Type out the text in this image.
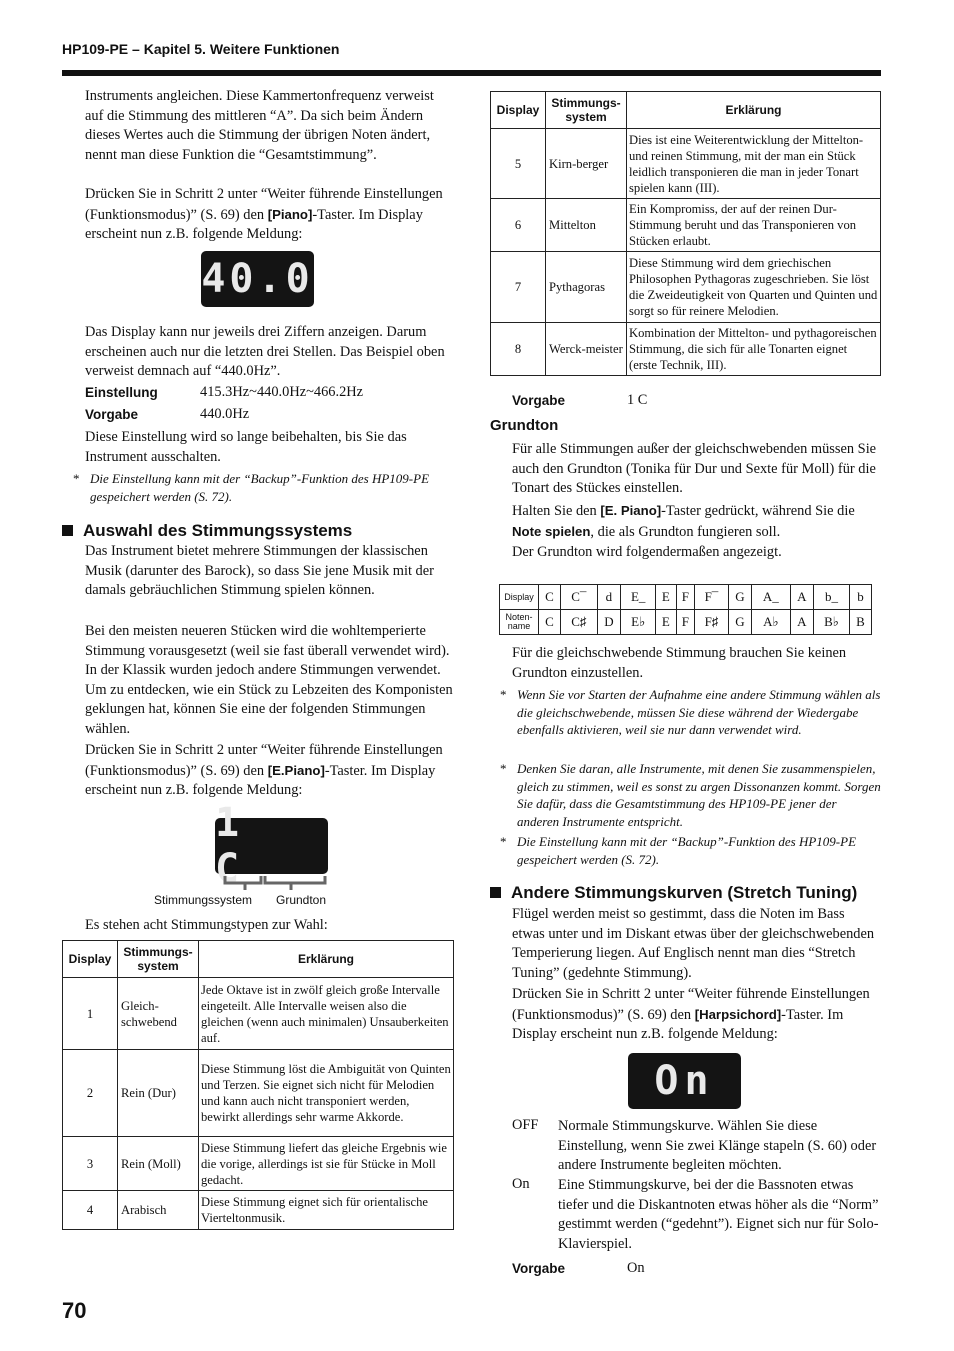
HP109-PE – Kapitel 5. Weitere Funktionen

Instruments angleichen. Diese Kammertonfrequenz verweist auf die Stimmung des mittleren “A”. Da sich beim Ändern dieses Wertes auch die Stimmung der übrigen Noten ändert, nennt man diese Funktion die “Gesamtstimmung”.

Drücken Sie in Schritt 2 unter “Weiter führende Einstellungen (Funktionsmodus)” (S. 69) den [Piano]-Taster. Im Display erscheint nun z.B. folgende Meldung:

40.0

Das Display kann nur jeweils drei Ziffern anzeigen. Darum erscheinen auch nur die letzten drei Stellen. Das Beispiel oben verweist demnach auf “440.0Hz”.

Einstellung	415.3Hz~440.0Hz~466.2Hz
Vorgabe	440.0Hz

Diese Einstellung wird so lange beibehalten, bis Sie das Instrument ausschalten.

* Die Einstellung kann mit der “Backup”-Funktion des HP109-PE gespeichert werden (S. 72).
Auswahl des Stimmungssystems

Das Instrument bietet mehrere Stimmungen der klassischen Musik (darunter des Barock), so dass Sie jene Musik mit der damals gebräuchlichen Stimmung spielen können.

Bei den meisten neueren Stücken wird die wohltemperierte Stimmung vorausgesetzt (weil sie fast überall verwendet wird). In der Klassik wurden jedoch andere Stimmungen verwendet. Um zu entdecken, wie ein Stück zu Lebzeiten des Komponisten geklungen hat, können Sie eine der folgenden Stimmungen wählen.

Drücken Sie in Schritt 2 unter “Weiter führende Einstellungen (Funktionsmodus)” (S. 69) den [E.Piano]-Taster. Im Display erscheint nun z.B. folgende Meldung:

1 C
Stimmungssystem Grundton

Es stehen acht Stimmungstypen zur Wahl:

Display	Stimmungs-system	Erklärung
1	Gleich-schwebend	Jede Oktave ist in zwölf gleich große Intervalle eingeteilt. Alle Intervalle weisen also die gleichen (wenn auch minimalen) Unsauberkeiten auf.
2	Rein (Dur)	Diese Stimmung löst die Ambiguität von Quinten und Terzen. Sie eignet sich nicht für Melodien und kann auch nicht transponiert werden, bewirkt allerdings sehr warme Akkorde.
3	Rein (Moll)	Diese Stimmung liefert das gleiche Ergebnis wie die vorige, allerdings ist sie für Stücke in Moll gedacht.
4	Arabisch	Diese Stimmung eignet sich für orientalische Vierteltonmusik.
Display	Stimmungs-system	Erklärung
5	Kirn-berger	Dies ist eine Weiterentwicklung der Mittelton- und reinen Stimmung, mit der man ein Stück leidlich transponieren die man in jeder Tonart spielen kann (III).
6	Mittelton	Ein Kompromiss, der auf der reinen Dur-Stimmung beruht und das Transponieren von Stücken erlaubt.
7	Pythagoras	Diese Stimmung wird dem griechischen Philosophen Pythagoras zugeschrieben. Sie löst die Zweideutigkeit von Quarten und Quinten und sorgt so für reinere Melodien.
8	Werck-meister	Kombination der Mittelton- und pythagoreischen Stimmung, die sich für alle Tonarten eignet (erste Technik, III).
Vorgabe	1 C
Grundton

Für alle Stimmungen außer der gleichschwebenden müssen Sie auch den Grundton (Tonika für Dur und Sexte für Moll) für die Tonart des Stückes einstellen.

Halten Sie den [E. Piano]-Taster gedrückt, während Sie die Note spielen, die als Grundton fungieren soll.

Der Grundton wird folgendermaßen angezeigt.

Display	C	C¯	d	E_	E	F	F¯	G	A_	A	b_	b
Noten-name	C	C♯	D	E♭	E	F	F♯	G	A♭	A	B♭	B

Für die gleichschwebende Stimmung brauchen Sie keinen Grundton einzustellen.

* Wenn Sie vor Starten der Aufnahme eine andere Stimmung wählen als die gleichschwebende, müssen Sie diese während der Wiedergabe ebenfalls aktivieren, weil sie nur dann verwendet wird.
* Denken Sie daran, alle Instrumente, mit denen Sie zusammenspielen, gleich zu stimmen, weil es sonst zu argen Dissonanzen kommt. Sorgen Sie dafür, dass die Gesamtstimmung des HP109-PE jener der anderen Instrumente entspricht.
* Die Einstellung kann mit der “Backup”-Funktion des HP109-PE gespeichert werden (S. 72).
Andere Stimmungskurven (Stretch Tuning)

Flügel werden meist so gestimmt, dass die Noten im Bass etwas unter und im Diskant etwas über der gleichschwebenden Temperierung liegen. Auf Englisch nennt man dies “Stretch Tuning” (gedehnte Stimmung).

Drücken Sie in Schritt 2 unter “Weiter führende Einstellungen (Funktionsmodus)” (S. 69) den [Harpsichord]-Taster. Im Display erscheint nun z.B. folgende Meldung:

On
OFF Normale Stimmungskurve. Wählen Sie diese Einstellung, wenn Sie zwei Klänge stapeln (S. 60) oder andere Instrumente begleiten möchten.

On Eine Stimmungskurve, bei der die Bassnoten etwas tiefer und die Diskantnoten etwas höher als die “Norm” gestimmt werden (“gedehnt”). Eignet sich nur für Solo-Klavierspiel.

Vorgabe	On
70
